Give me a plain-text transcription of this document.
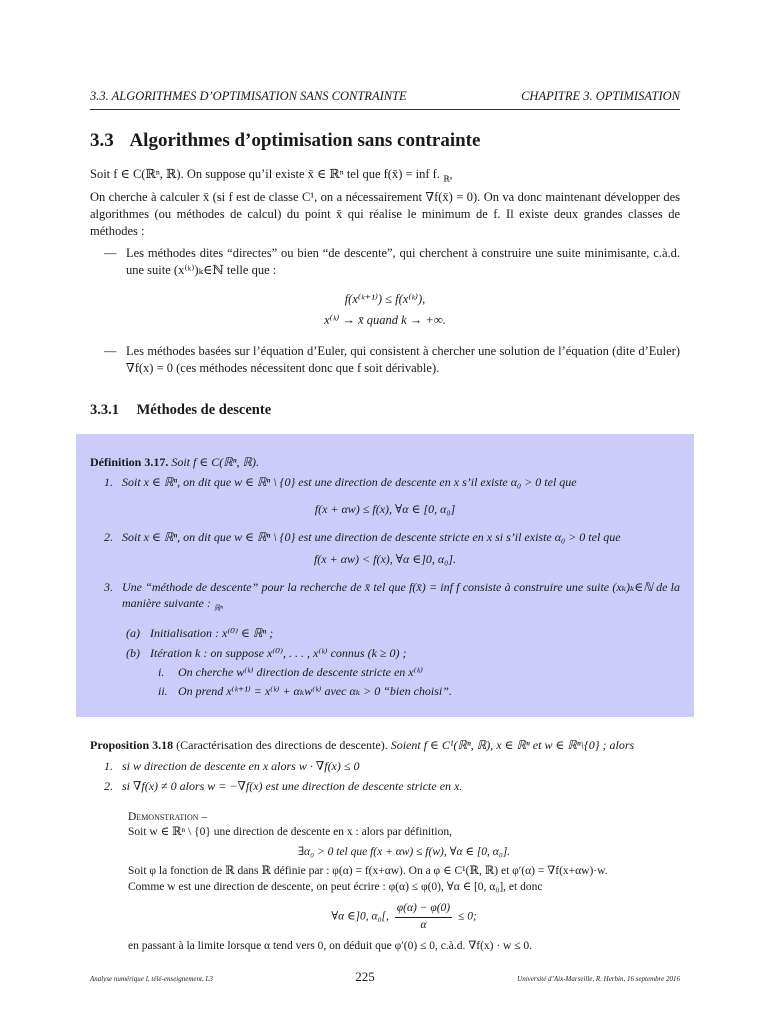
3.3. ALGORITHMES D’OPTIMISATION SANS CONTRAINTE	CHAPITRE 3. OPTIMISATION
3.3 Algorithmes d’optimisation sans contrainte

Soit f ∈ C(ℝⁿ, ℝ). On suppose qu’il existe x̄ ∈ ℝⁿ tel que f(x̄) = inf f. $_{ℝ^n}$

On cherche à calculer x̄ (si f est de classe C¹, on a nécessairement ∇f(x̄) = 0). On va donc maintenant développer des algorithmes (ou méthodes de calcul) du point x̄ qui réalise le minimum de f. Il existe deux grandes classes de méthodes :

— Les méthodes dites “directes” ou bien “de descente”, qui cherchent à construire une suite minimisante, c.à.d. une suite (x⁽ᵏ⁾)ₖ∈ℕ telle que :
f(x⁽ᵏ⁺¹⁾) ≤ f(x⁽ᵏ⁾),
x⁽ᵏ⁾ → x̄ quand k → +∞.
— Les méthodes basées sur l’équation d’Euler, qui consistent à chercher une solution de l’équation (dite d’Euler) ∇f(x) = 0 (ces méthodes nécessitent donc que f soit dérivable).
3.3.1 Méthodes de descente
Définition 3.17. Soit f ∈ C(ℝⁿ, ℝ).
1. Soit x ∈ ℝⁿ, on dit que w ∈ ℝⁿ \ {0} est une direction de descente en x s’il existe α₀ > 0 tel que
f(x + αw) ≤ f(x), ∀α ∈ [0, α₀]
2. Soit x ∈ ℝⁿ, on dit que w ∈ ℝⁿ \ {0} est une direction de descente stricte en x si s’il existe α₀ > 0 tel que
f(x + αw) < f(x), ∀α ∈]0, α₀].
3. Une “méthode de descente” pour la recherche de x̄ tel que f(x̄) = inf f consiste à construire une suite (xₖ)ₖ∈ℕ de la manière suivante : $_{ℝ^n}$
(a) Initialisation : x⁽⁰⁾ ∈ ℝⁿ ;
(b) Itération k : on suppose x⁽⁰⁾, . . . , x⁽ᵏ⁾ connus (k ≥ 0) ;
i.	On cherche w⁽ᵏ⁾ direction de descente stricte en x⁽ᵏ⁾
ii. On prend x⁽ᵏ⁺¹⁾ = x⁽ᵏ⁾ + αₖw⁽ᵏ⁾ avec αₖ > 0 “bien choisi”.
Proposition 3.18 (Caractérisation des directions de descente). Soient f ∈ C¹(ℝⁿ, ℝ), x ∈ ℝⁿ et w ∈ ℝⁿ\{0} ; alors
1. si w direction de descente en x alors w · ∇f(x) ≤ 0
2. si ∇f(x) ≠ 0 alors w = −∇f(x) est une direction de descente stricte en x.
Demonstration –
Soit w ∈ ℝⁿ \ {0} une direction de descente en x : alors par définition,
∃α₀ > 0 tel que f(x + αw) ≤ f(w), ∀α ∈ [0, α₀].
Soit φ la fonction de ℝ dans ℝ définie par : φ(α) = f(x+αw). On a φ ∈ C¹(ℝ, ℝ) et φ′(α) = ∇f(x+αw)·w.
Comme w est une direction de descente, on peut écrire : φ(α) ≤ φ(0), ∀α ∈ [0, α₀], et donc
∀α ∈]0, α₀[, $\frac{\varphi(\alpha) - \varphi(0)}{\alpha} \le 0$;
en passant à la limite lorsque α tend vers 0, on déduit que φ′(0) ≤ 0, c.à.d. ∇f(x) · w ≤ 0.
Analyse numérique I, télé-enseignement, L3	225	Université d’Aix-Marseille, R. Herbin, 16 septembre 2016
